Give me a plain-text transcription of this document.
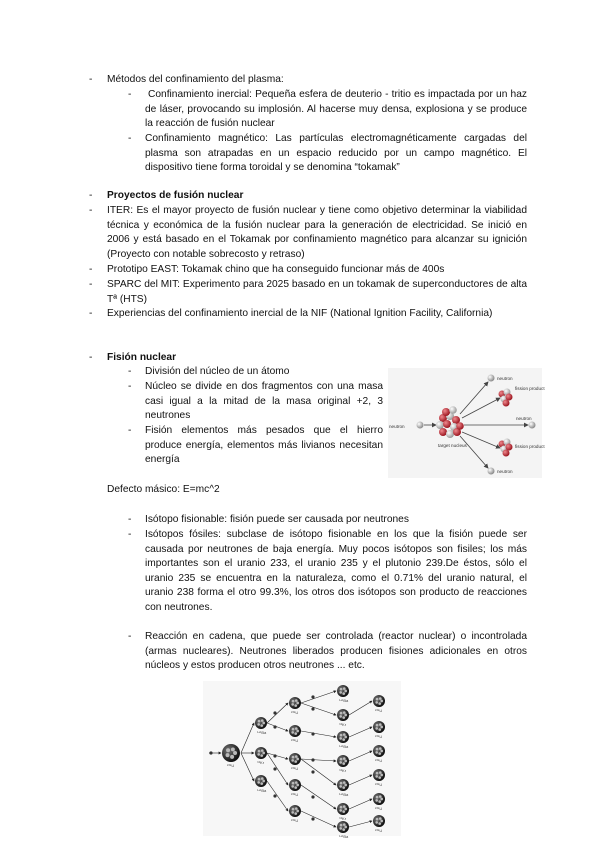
- Métodos del confinamiento del plasma:
- Confinamiento inercial: Pequeña esfera de deuterio - tritio es impactada por un haz de láser, provocando su implosión. Al hacerse muy densa, explosiona y se produce la reacción de fusión nuclear
- Confinamiento magnético: Las partículas electromagnéticamente cargadas del plasma son atrapadas en un espacio reducido por un campo magnético. El dispositivo tiene forma toroidal y se denomina “tokamak”
- Proyectos de fusión nuclear
- ITER: Es el mayor proyecto de fusión nuclear y tiene como objetivo determinar la viabilidad técnica y económica de la fusión nuclear para la generación de electricidad. Se inició en 2006 y está basado en el Tokamak por confinamiento magnético para alcanzar su ignición (Proyecto con notable sobrecosto y retraso)
- Prototipo EAST: Tokamak chino que ha conseguido funcionar más de 400s
- SPARC del MIT: Experimento para 2025 basado en un tokamak de superconductores de alta Tª (HTS)
- Experiencias del confinamiento inercial de la NIF (National Ignition Facility, California)
- Fisión nuclear
- División del núcleo de un átomo
- Núcleo se divide en dos fragmentos con una masa casi igual a la mitad de la masa original +2, 3 neutrones
- Fisión elementos más pesados que el hierro produce energía, elementos más livianos necesitan energía
neutron
target nucleus
neutron
fission product
neutron
fission product
neutron
Defecto másico: E=mc^2
- Isótopo fisionable: fisión puede ser causada por neutrones
- Isótopos fósiles: subclase de isótopo fisionable en los que la fisión puede ser causada por neutrones de baja energía. Muy pocos isótopos son fisiles; los más importantes son el uranio 233, el uranio 235 y el plutonio 239.De éstos, sólo el uranio 235 se encuentra en la naturaleza, como el 0.71% del uranio natural, el uranio 238 forma el otro 99.3%, los otros dos isótopos son producto de reacciones con neutrones.
- Reacción en cadena, que puede ser controlada (reactor nuclear) o incontrolada (armas nucleares). Neutrones liberados producen fisiones adicionales en otros núcleos y estos producen otros neutrones ... etc.
²³⁵U
¹⁴¹Ba
⁹²Kr
¹⁴¹Ba
²³⁵U
²³⁵U
²³⁵U
²³⁵U
²³⁵U
¹⁴¹Ba
⁹²Kr
¹⁴¹Ba
⁹²Kr
¹⁴¹Ba
⁹²Kr
¹⁴¹Ba
²³⁵U
²³⁵U
²³⁵U
²³⁵U
²³⁵U
²³⁵U
